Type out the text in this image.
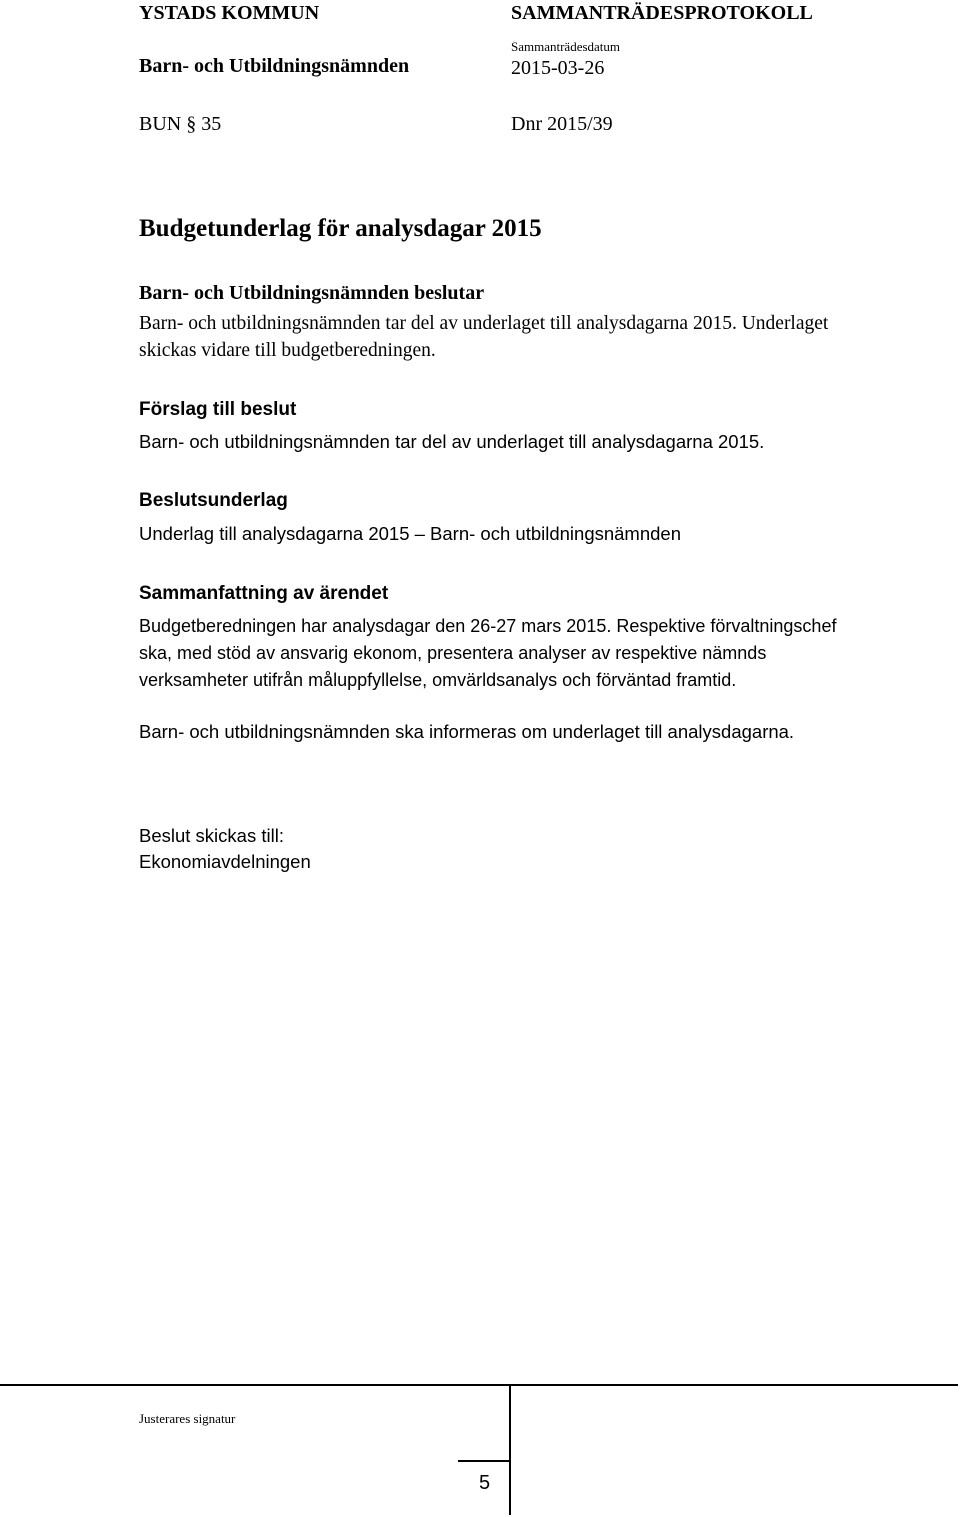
YSTADS KOMMUN	SAMMANTRÄDESPROTOKOLL
Barn- och Utbildningsnämnden
Sammanträdesdatum
2015-03-26
BUN § 35	Dnr 2015/39
Budgetunderlag för analysdagar 2015
Barn- och Utbildningsnämnden beslutar
Barn- och utbildningsnämnden tar del av underlaget till analysdagarna 2015. Underlaget
skickas vidare till budgetberedningen.
Förslag till beslut
Barn- och utbildningsnämnden tar del av underlaget till analysdagarna 2015.
Beslutsunderlag
Underlag till analysdagarna 2015 – Barn- och utbildningsnämnden
Sammanfattning av ärendet
Budgetberedningen har analysdagar den 26-27 mars 2015. Respektive förvaltningschef
ska, med stöd av ansvarig ekonom, presentera analyser av respektive nämnds
verksamheter utifrån måluppfyllelse, omvärldsanalys och förväntad framtid.
Barn- och utbildningsnämnden ska informeras om underlaget till analysdagarna.
Beslut skickas till:
Ekonomiavdelningen
Justerares signatur
5
